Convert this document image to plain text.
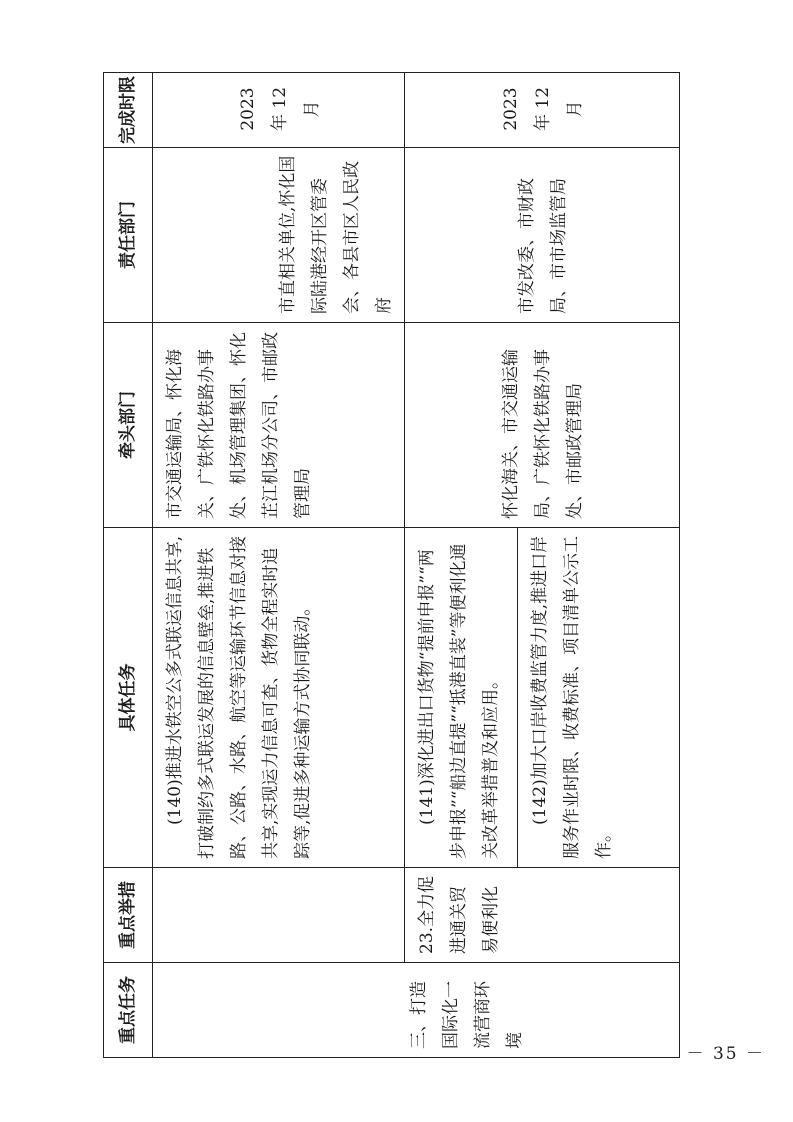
重点任务	重点举措	具体任务	牵头部门	责任部门	完成时限

三、打造国际化一流营商环境		(140)推进水铁空公多式联运信息共享,打破制约多式联运发展的信息壁垒,推进铁路、公路、水路、航空等运输环节信息对接共享,实现运力信息可查、货物全程实时追踪等,促进多种运输方式协同联动。	市交通运输局、怀化海关、广铁怀化铁路办事处、机场管理集团、怀化芷江机场分公司、市邮政管理局	市直相关单位,怀化国际陆港经开区管委会、各县市区人民政府	2023 年 12 月

	23.全力促进通关贸易便利化	(141)深化进出口货物“提前申报”“两步申报”“船边直提”“抵港直装”等便利化通关改革举措普及和应用。 (142)加大口岸收费监管力度,推进口岸服务作业时限、收费标准、项目清单公示工作。	怀化海关、市交通运输局、广铁怀化铁路办事处、市邮政管理局	市发改委、市财政局、市市场监管局	2023 年 12 月
－ 35 －
